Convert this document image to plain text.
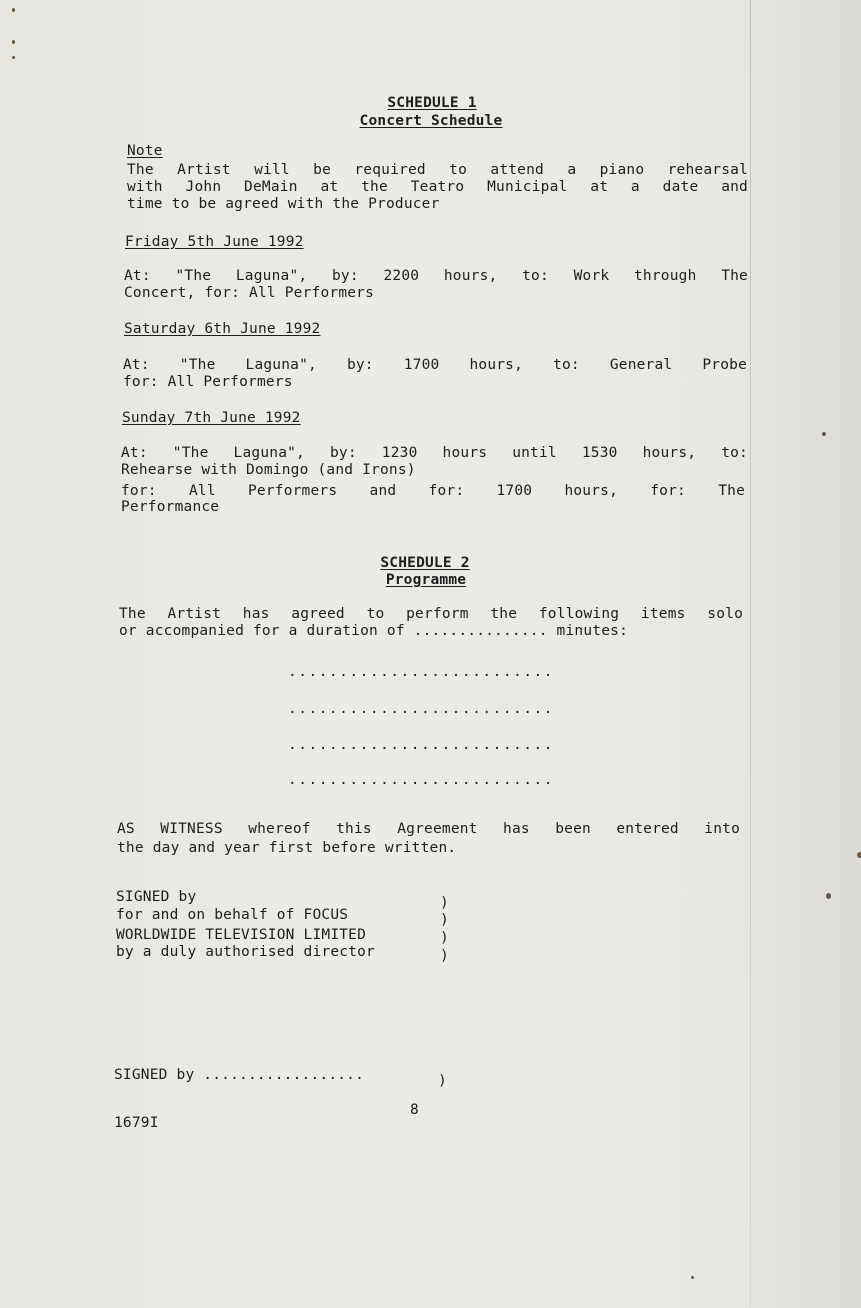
SCHEDULE 1
Concert Schedule
Note
The Artist will be required to attend a piano rehearsal
with John DeMain at the Teatro Municipal at a date and
time to be agreed with the Producer
Friday 5th June 1992
At: "The Laguna", by: 2200 hours, to: Work through The
Concert, for: All Performers
Saturday 6th June 1992
At: "The Laguna", by: 1700 hours, to: General Probe
for: All Performers
Sunday 7th June 1992
At: "The Laguna", by: 1230 hours until 1530 hours, to:
Rehearse with Domingo (and Irons)
for: All Performers and for: 1700 hours, for: The
Performance
SCHEDULE 2
Programme
The Artist has agreed to perform the following items solo
or accompanied for a duration of ............... minutes:
..........................
..........................
..........................
..........................
AS WITNESS whereof this Agreement has been entered into
the day and year first before written.
SIGNED by
for and on behalf of FOCUS
WORLDWIDE TELEVISION LIMITED
by a duly authorised director
)
)
)
)
SIGNED by ..................	)
8
1679I
